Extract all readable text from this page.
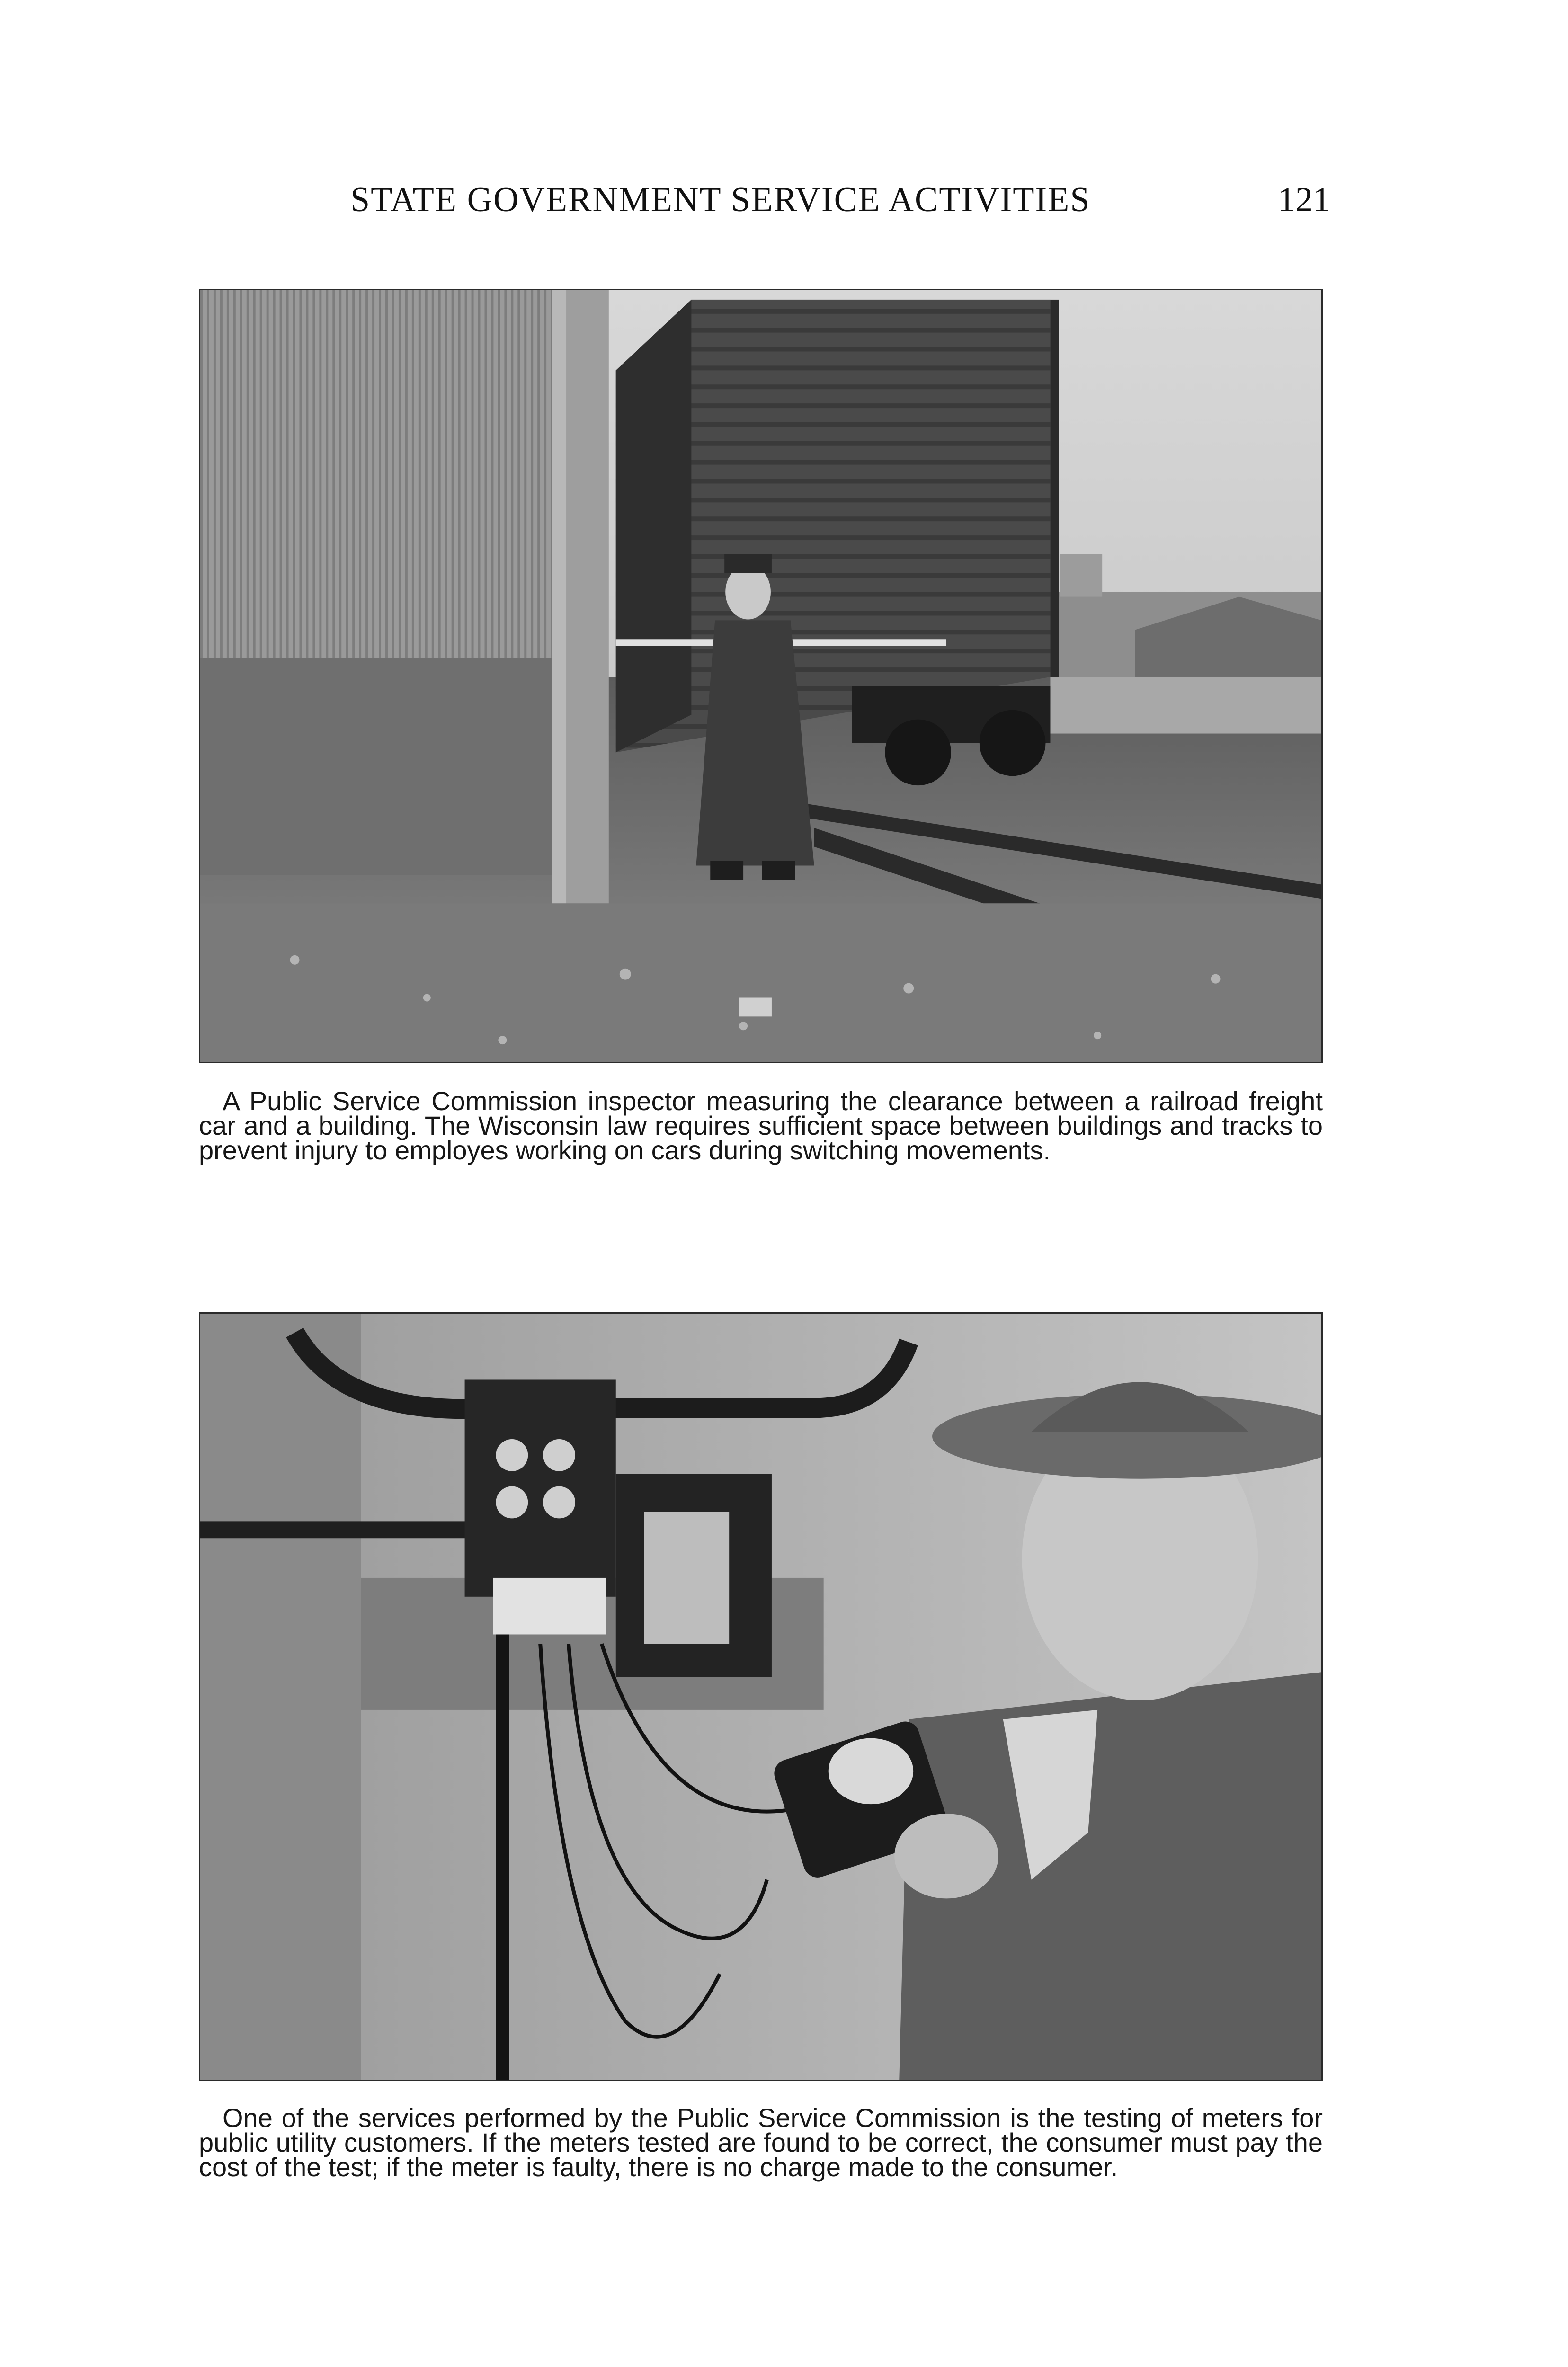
STATE GOVERNMENT SERVICE ACTIVITIES	121
A Public Service Commission inspector measuring the clearance between a railroad freight car and a building. The Wisconsin law requires sufficient space between buildings and tracks to prevent injury to employes working on cars during switching movements.
One of the services performed by the Public Service Commission is the testing of meters for public utility customers. If the meters tested are found to be correct, the consumer must pay the cost of the test; if the meter is faulty, there is no charge made to the consumer.
